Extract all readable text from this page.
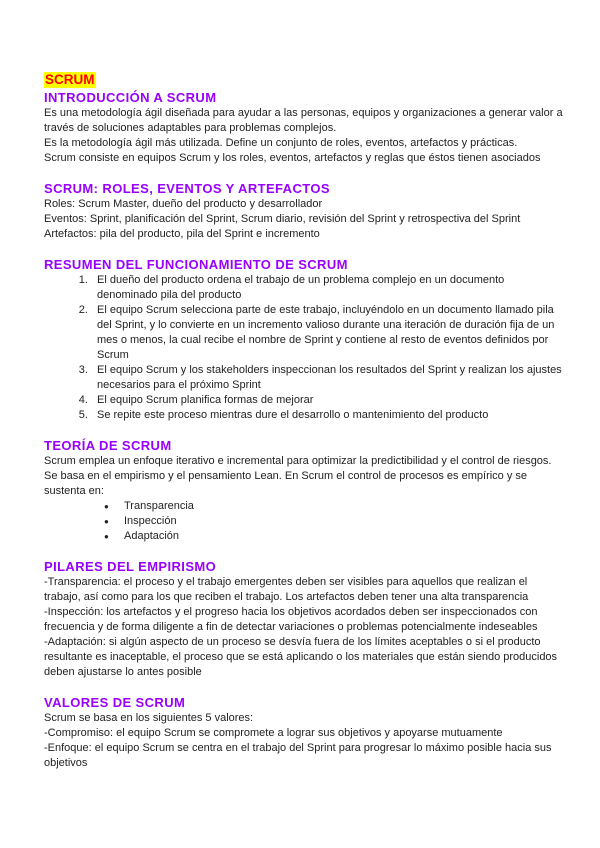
SCRUM
INTRODUCCIÓN A SCRUM

Es una metodología ágil diseñada para ayudar a las personas, equipos y organizaciones a generar valor a través de soluciones adaptables para problemas complejos.

Es la metodología ágil más utilizada. Define un conjunto de roles, eventos, artefactos y prácticas.

Scrum consiste en equipos Scrum y los roles, eventos, artefactos y reglas que éstos tienen asociados

SCRUM: ROLES, EVENTOS Y ARTEFACTOS

Roles: Scrum Master, dueño del producto y desarrollador

Eventos: Sprint, planificación del Sprint, Scrum diario, revisión del Sprint y retrospectiva del Sprint

Artefactos: pila del producto, pila del Sprint e incremento

RESUMEN DEL FUNCIONAMIENTO DE SCRUM
1. El dueño del producto ordena el trabajo de un problema complejo en un documento denominado pila del producto
2. El equipo Scrum selecciona parte de este trabajo, incluyéndolo en un documento llamado pila del Sprint, y lo convierte en un incremento valioso durante una iteración de duración fija de un mes o menos, la cual recibe el nombre de Sprint y contiene al resto de eventos definidos por Scrum
3. El equipo Scrum y los stakeholders inspeccionan los resultados del Sprint y realizan los ajustes necesarios para el próximo Sprint
4. El equipo Scrum planifica formas de mejorar
5. Se repite este proceso mientras dure el desarrollo o mantenimiento del producto
TEORÍA DE SCRUM

Scrum emplea un enfoque iterativo e incremental para optimizar la predictibilidad y el control de riesgos. Se basa en el empirismo y el pensamiento Lean. En Scrum el control de procesos es empírico y se sustenta en:

● Transparencia
● Inspección
● Adaptación
PILARES DEL EMPIRISMO

-Transparencia: el proceso y el trabajo emergentes deben ser visibles para aquellos que realizan el trabajo, así como para los que reciben el trabajo. Los artefactos deben tener una alta transparencia

-Inspección: los artefactos y el progreso hacia los objetivos acordados deben ser inspeccionados con frecuencia y de forma diligente a fin de detectar variaciones o problemas potencialmente indeseables

-Adaptación: si algún aspecto de un proceso se desvía fuera de los límites aceptables o si el producto resultante es inaceptable, el proceso que se está aplicando o los materiales que están siendo producidos deben ajustarse lo antes posible

VALORES DE SCRUM

Scrum se basa en los siguientes 5 valores:

-Compromiso: el equipo Scrum se compromete a lograr sus objetivos y apoyarse mutuamente

-Enfoque: el equipo Scrum se centra en el trabajo del Sprint para progresar lo máximo posible hacia sus objetivos
